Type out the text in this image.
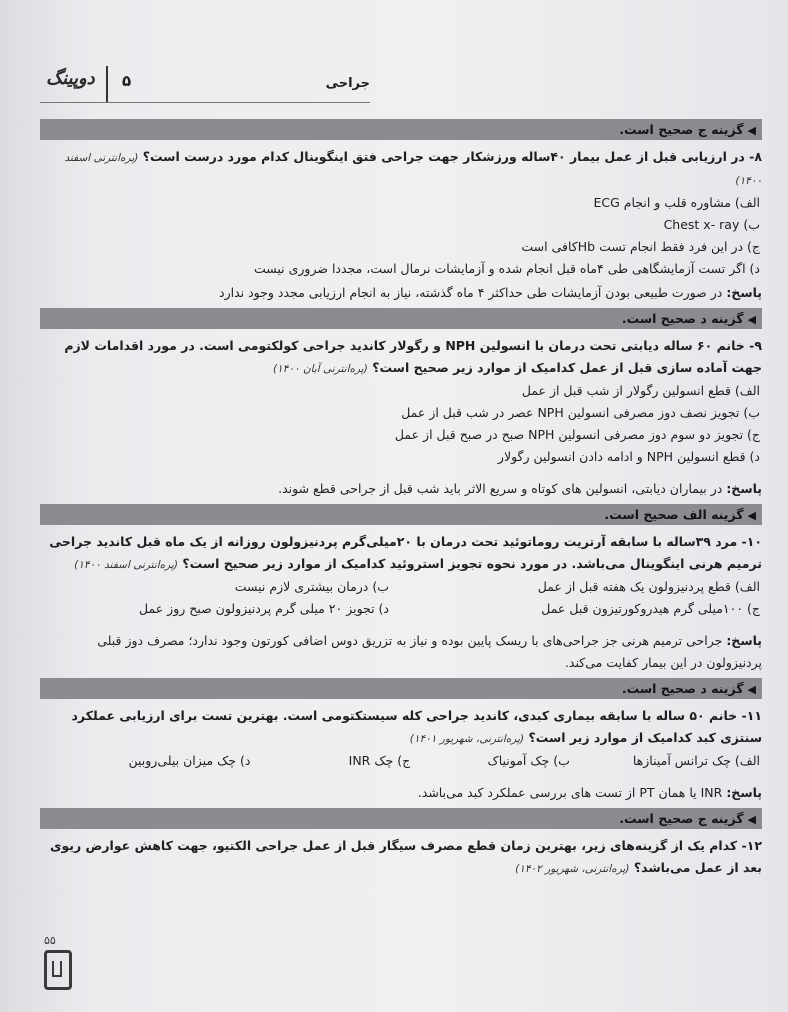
دوپینگ ۵	جراحی
◀گزینه ج صحیح است.
۸- در ارزیابی قبل از عمل بیمار ۴۰ساله ورزشکار جهت جراحی فتق اینگوینال کدام مورد درست است؟ (پره‌انترنی اسفند ۱۴۰۰)
الف) مشاوره قلب و انجام ECG
ب) Chest x- ray
ج) در این فرد فقط انجام تست Hbکافی است
د) اگر تست آزمایشگاهی طی ۴ماه قبل انجام شده و آزمایشات نرمال است، مجددا ضروری نیست
پاسخ: در صورت طبیعی بودن آزمایشات طی حداکثر ۴ ماه گذشته، نیاز به انجام ارزیابی مجدد وجود ندارد
◀گزینه د صحیح است.
۹- خانم ۶۰ ساله دیابتی تحت درمان با انسولین NPH و رگولار کاندید جراحی کولکتومی است. در مورد اقدامات لازم جهت آماده سازی قبل از عمل کدامیک از موارد زیر صحیح است؟ (پره‌انترنی آبان ۱۴۰۰)
الف) قطع انسولین رگولار از شب قبل از عمل
ب) تجویز نصف دوز مصرفی انسولین NPH عصر در شب قبل از عمل
ج) تجویز دو سوم دوز مصرفی انسولین NPH صبح در صبح قبل از عمل
د) قطع انسولین NPH و ادامه دادن انسولین رگولار
پاسخ: در بیماران دیابتی، انسولین های کوتاه و سریع الاثر باید شب قبل از جراحی قطع شوند.
◀گزینه الف صحیح است.
۱۰- مرد ۳۹ساله با سابقه آرتریت روماتوئید تحت درمان با ۲۰میلی‌گرم پردنیزولون روزانه از یک ماه قبل کاندید جراحی ترمیم هرنی اینگوینال می‌باشد. در مورد نحوه تجویز استروئید کدامیک از موارد زیر صحیح است؟ (پره‌انترنی اسفند ۱۴۰۰)
الف) قطع پردنیزولون یک هفته قبل از عمل
ب) درمان بیشتری لازم نیست
ج) ۱۰۰میلی گرم هیدروکورتیزون قبل عمل
د) تجویز ۲۰ میلی گرم پردنیزولون صبح روز عمل
پاسخ: جراحی ترمیم هرنی جز جراحی‌های با ریسک پایین بوده و نیاز به تزریق دوس اضافی کورتون وجود ندارد؛ مصرف دوز قبلی پردنیزولون در این بیمار کفایت می‌کند.
◀گزینه د صحیح است.
۱۱- خانم ۵۰ ساله با سابقه بیماری کبدی، کاندید جراحی کله سیستکتومی است. بهترین تست برای ارزیابی عملکرد سنتزی کبد کدامیک از موارد زیر است؟ (پره‌انترنی، شهریور ۱۴۰۱)
الف) چک ترانس آمینازها
ب) چک آمونیاک
ج) چک INR
د) چک میزان بیلی‌روبین
پاسخ: INR یا همان PT از تست های بررسی عملکرد کبد می‌باشد.
◀گزینه ج صحیح است.
۱۲- کدام یک از گزینه‌های زیر، بهترین زمان قطع مصرف سیگار قبل از عمل جراحی الکتیو، جهت کاهش عوارض ریوی بعد از عمل می‌باشد؟ (پره‌انترنی، شهریور ۱۴۰۲)
۵۵
